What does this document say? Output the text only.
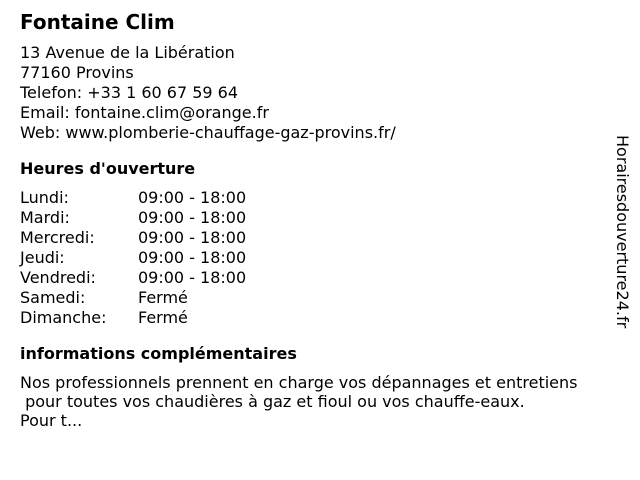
Fontaine Clim
13 Avenue de la Libération
77160 Provins
Telefon: +33 1 60 67 59 64
Email: fontaine.clim@orange.fr
Web: www.plomberie-chauffage-gaz-provins.fr/
Heures d'ouverture
Lundi:	09:00 - 18:00
Mardi:	09:00 - 18:00
Mercredi:	09:00 - 18:00
Jeudi:	09:00 - 18:00
Vendredi:	09:00 - 18:00
Samedi:	Fermé
Dimanche: Fermé
informations complémentaires
Nos professionnels prennent en charge vos dépannages et entretiens
pour toutes vos chaudières à gaz et fioul ou vos chauffe-eaux.
Pour t...
Horairesdouverture24.fr
